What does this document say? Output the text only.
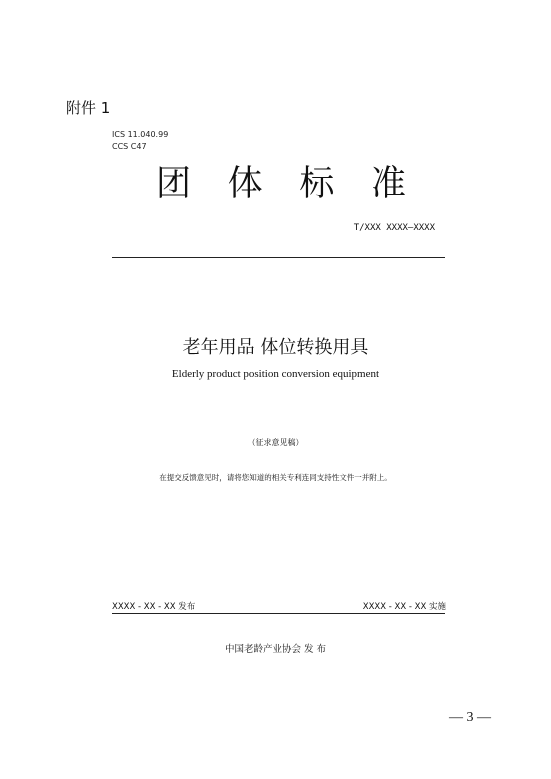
附件 1
ICS 11.040.99
CCS C47
团 体 标 准
T/XXX XXXX—XXXX
老年用品 体位转换用具
Elderly product position conversion equipment
（征求意见稿）
在提交反馈意见时，请将您知道的相关专利连同支持性文件一并附上。
XXXX - XX - XX 发布	XXXX - XX - XX 实施
中国老龄产业协会 发 布
— 3 —
